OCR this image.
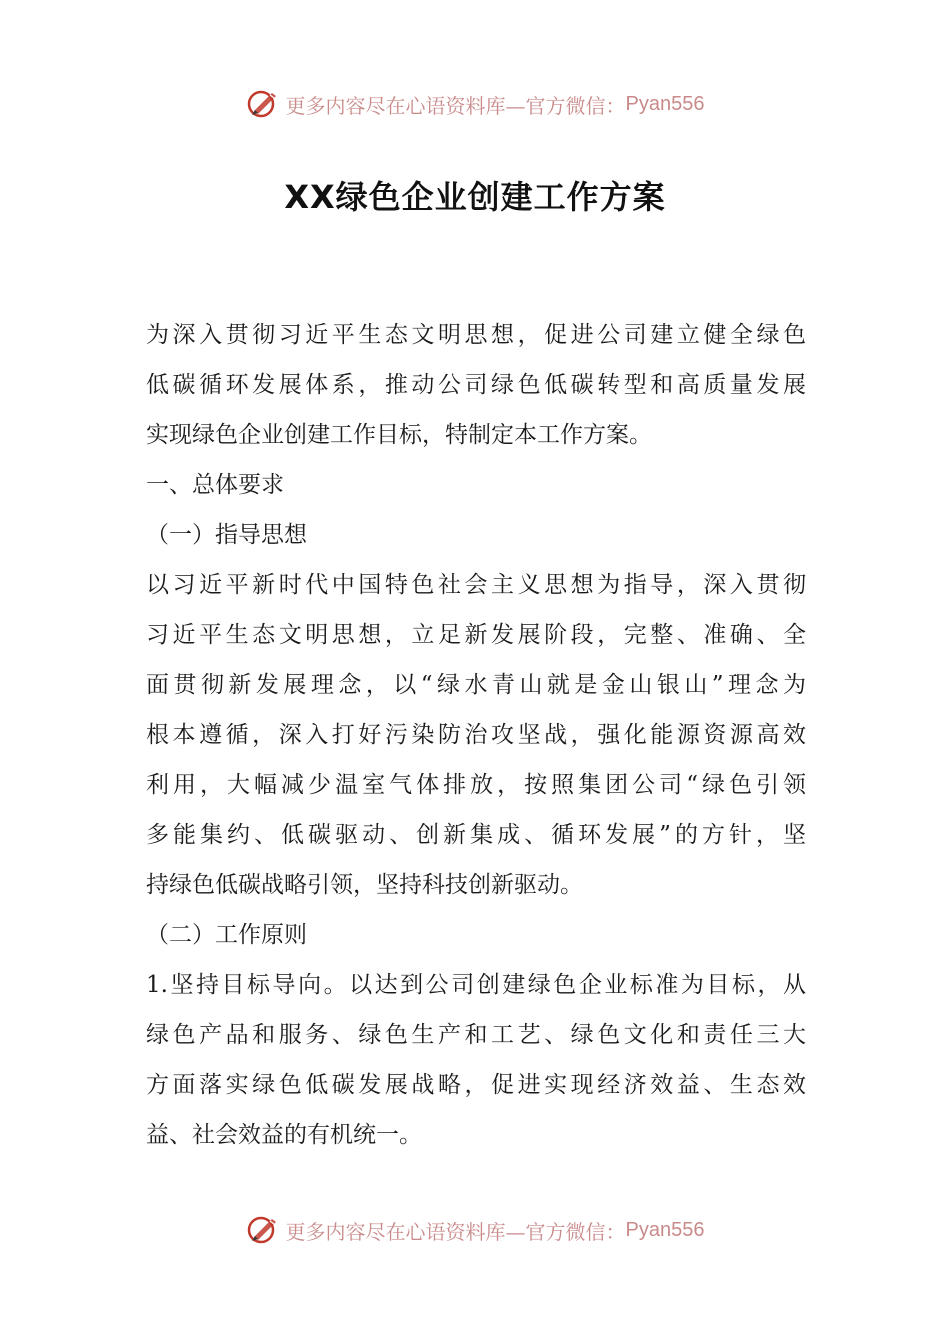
更多内容尽在心语资料库—官方微信： Pyan556
XX绿色企业创建工作方案
为深入贯彻习近平生态文明思想，促进公司建立健全绿色
低碳循环发展体系，推动公司绿色低碳转型和高质量发展
实现绿色企业创建工作目标，特制定本工作方案。
一、总体要求
（一）指导思想
以习近平新时代中国特色社会主义思想为指导，深入贯彻
习近平生态文明思想，立足新发展阶段，完整、准确、全
面贯彻新发展理念，以“绿水青山就是金山银山”理念为
根本遵循，深入打好污染防治攻坚战，强化能源资源高效
利用，大幅减少温室气体排放，按照集团公司“绿色引领
多能集约、低碳驱动、创新集成、循环发展”的方针，坚
持绿色低碳战略引领，坚持科技创新驱动。
（二）工作原则
1.坚持目标导向。以达到公司创建绿色企业标准为目标，从
绿色产品和服务、绿色生产和工艺、绿色文化和责任三大
方面落实绿色低碳发展战略，促进实现经济效益、生态效
益、社会效益的有机统一。
更多内容尽在心语资料库—官方微信： Pyan556
